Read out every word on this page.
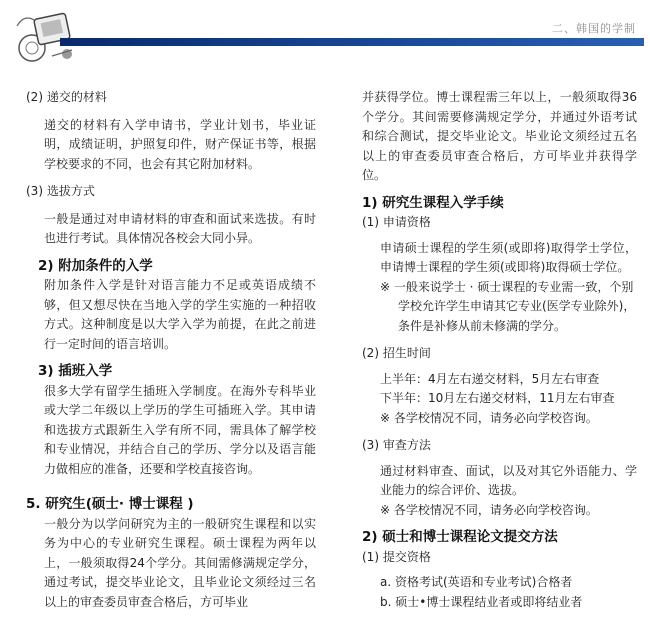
二、韩国的学制

(2) 递交的材料

递交的材料有入学申请书，学业计划书，毕业证明，成绩证明，护照复印件，财产保证书等，根据学校要求的不同，也会有其它附加材料。

(3) 选拔方式

一般是通过对申请材料的审查和面试来选拔。有时也进行考试。具体情况各校会大同小异。

2) 附加条件的入学

附加条件入学是针对语言能力不足或英语成绩不够，但又想尽快在当地入学的学生实施的一种招收方式。这种制度是以大学入学为前提，在此之前进行一定时间的语言培训。

3) 插班入学

很多大学有留学生插班入学制度。在海外专科毕业或大学二年级以上学历的学生可插班入学。其申请和选拔方式跟新生入学有所不同，需具体了解学校和专业情况，并结合自己的学历、学分以及语言能力做相应的准备，还要和学校直接咨询。

5. 研究生(硕士· 博士课程 )

一般分为以学问研究为主的一般研究生课程和以实务为中心的专业研究生课程。硕士课程为两年以上，一般须取得24个学分。其间需修满规定学分，通过考试，提交毕业论文，且毕业论文须经过三名以上的审查委员审查合格后，方可毕业

并获得学位。博士课程需三年以上，一般须取得36个学分。其间需要修满规定学分，并通过外语考试和综合测试，提交毕业论文。毕业论文须经过五名以上的审查委员审查合格后，方可毕业并获得学位。

1) 研究生课程入学手续

(1) 申请资格

申请硕士课程的学生须(或即将)取得学士学位，申请博士课程的学生须(或即将)取得硕士学位。

※ 一般来说学士 · 硕士课程的专业需一致，个别学校允许学生申请其它专业(医学专业除外)，条件是补修从前未修满的学分。

(2) 招生时间

上半年：4月左右递交材料，5月左右审查

下半年：10月左右递交材料，11月左右审查

※ 各学校情况不同，请务必向学校咨询。

(3) 审查方法

通过材料审查、面试，以及对其它外语能力、学业能力的综合评价、选拔。

※ 各学校情况不同，请务必向学校咨询。

2) 硕士和博士课程论文提交方法

(1) 提交资格

a. 资格考试(英语和专业考试)合格者

b. 硕士•博士课程结业者或即将结业者
